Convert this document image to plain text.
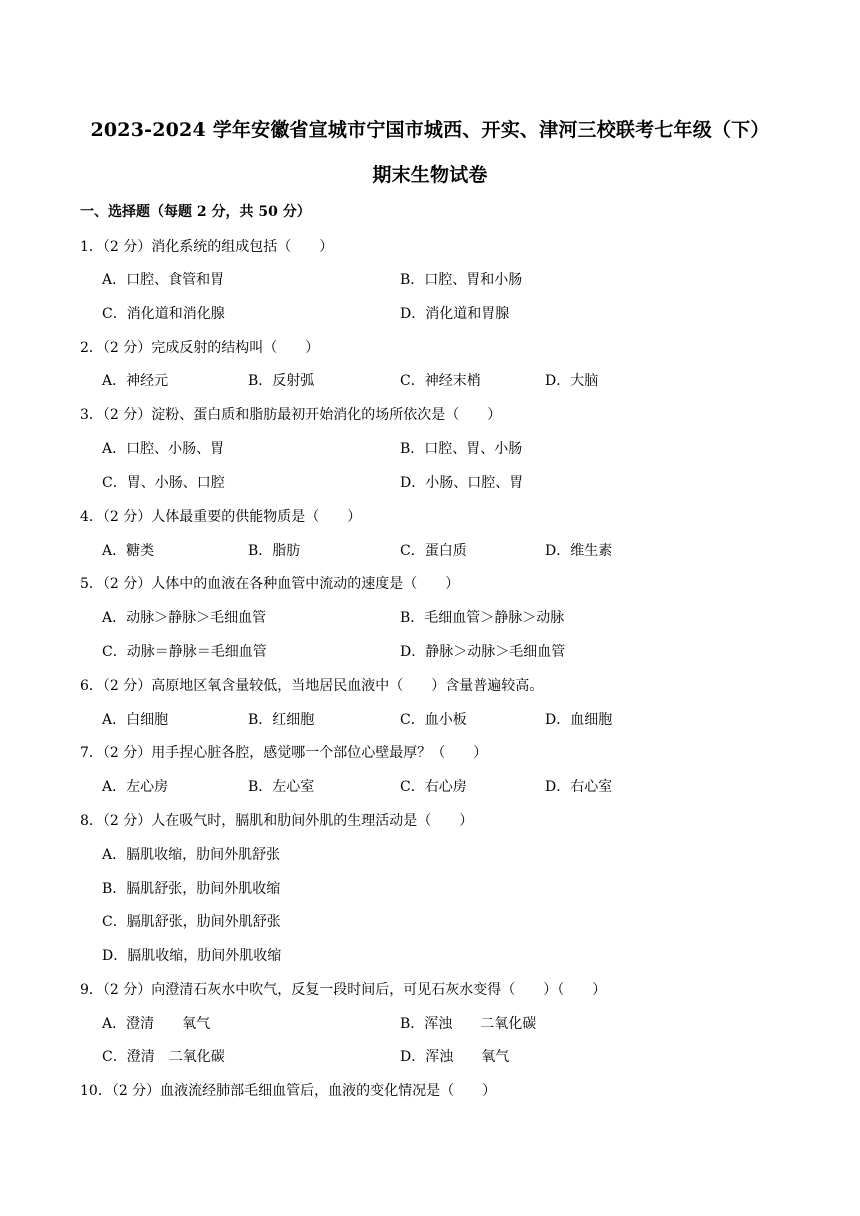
2023-2024 学年安徽省宣城市宁国市城西、开实、津河三校联考七年级（下）
期末生物试卷
一、选择题（每题 2 分，共 50 分）
1．（2 分）消化系统的组成包括（　　）
A．口腔、食管和胃	B．口腔、胃和小肠
C．消化道和消化腺	D．消化道和胃腺
2．（2 分）完成反射的结构叫（　　）
A．神经元	B．反射弧	C．神经末梢	D．大脑
3．（2 分）淀粉、蛋白质和脂肪最初开始消化的场所依次是（　　）
A．口腔、小肠、胃	B．口腔、胃、小肠
C．胃、小肠、口腔	D．小肠、口腔、胃
4．（2 分）人体最重要的供能物质是（　　）
A．糖类	B．脂肪	C．蛋白质	D．维生素
5．（2 分）人体中的血液在各种血管中流动的速度是（　　）
A．动脉＞静脉＞毛细血管	B．毛细血管＞静脉＞动脉
C．动脉＝静脉＝毛细血管	D．静脉＞动脉＞毛细血管
6．（2 分）高原地区氧含量较低，当地居民血液中（　　）含量普遍较高。
A．白细胞	B．红细胞	C．血小板	D．血细胞
7．（2 分）用手捏心脏各腔，感觉哪一个部位心壁最厚？（　　）
A．左心房	B．左心室	C．右心房	D．右心室
8．（2 分）人在吸气时，膈肌和肋间外肌的生理活动是（　　）
A．膈肌收缩，肋间外肌舒张
B．膈肌舒张，肋间外肌收缩
C．膈肌舒张，肋间外肌舒张
D．膈肌收缩，肋间外肌收缩
9．（2 分）向澄清石灰水中吹气，反复一段时间后，可见石灰水变得（　　）（　　）
A．澄清　　氧气	B．浑浊　　二氧化碳
C．澄清　二氧化碳	D．浑浊　　氧气
10．（2 分）血液流经肺部毛细血管后，血液的变化情况是（　　）
